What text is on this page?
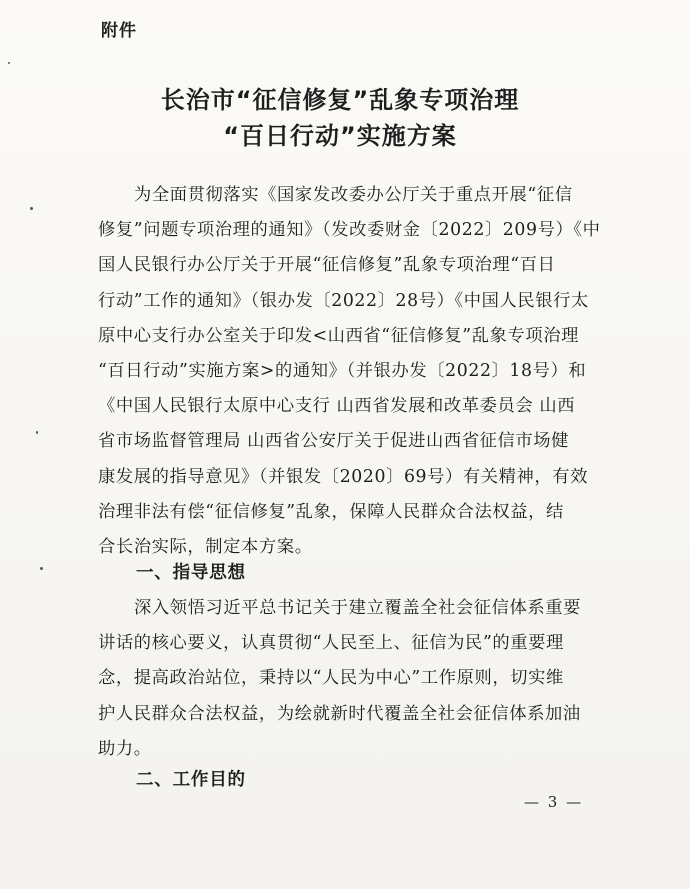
附件
长治市“征信修复”乱象专项治理
“百日行动”实施方案
为全面贯彻落实《国家发改委办公厅关于重点开展“征信
修复”问题专项治理的通知》（发改委财金〔2022〕209号）《中
国人民银行办公厅关于开展“征信修复”乱象专项治理“百日
行动”工作的通知》（银办发〔2022〕28号）《中国人民银行太
原中心支行办公室关于印发<山西省“征信修复”乱象专项治理
“百日行动”实施方案>的通知》（并银办发〔2022〕18号）和
《中国人民银行太原中心支行 山西省发展和改革委员会 山西
省市场监督管理局 山西省公安厅关于促进山西省征信市场健
康发展的指导意见》（并银发〔2020〕69号）有关精神，有效
治理非法有偿“征信修复”乱象，保障人民群众合法权益，结
合长治实际，制定本方案。
一、指导思想
深入领悟习近平总书记关于建立覆盖全社会征信体系重要
讲话的核心要义，认真贯彻“人民至上、征信为民”的重要理
念，提高政治站位，秉持以“人民为中心”工作原则，切实维
护人民群众合法权益，为绘就新时代覆盖全社会征信体系加油
助力。
二、工作目的
— 3 —
